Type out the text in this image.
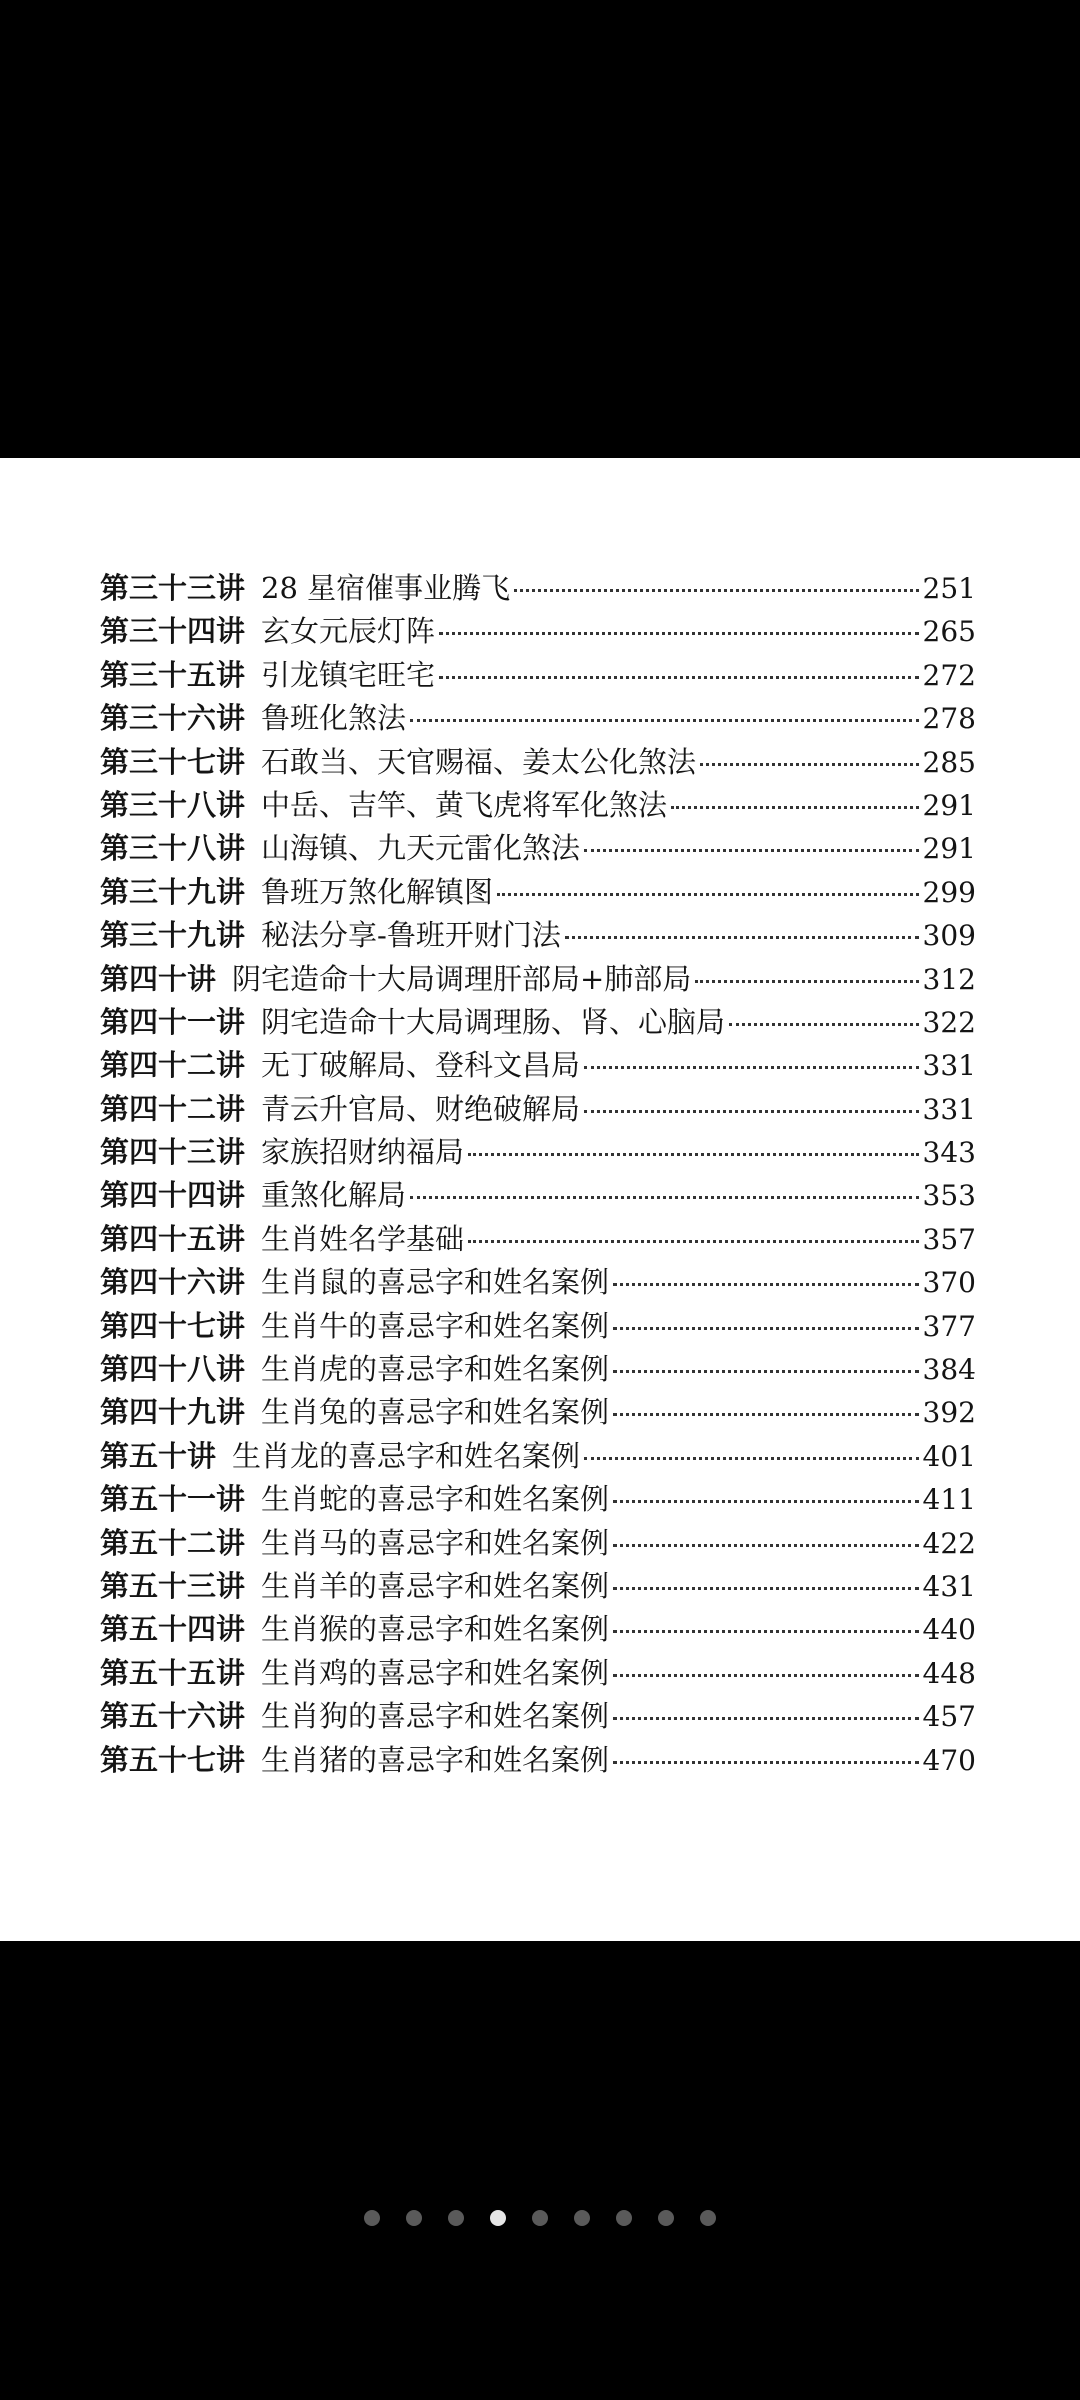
第三十三讲 28 星宿催事业腾飞	251
第三十四讲 玄女元辰灯阵	265
第三十五讲 引龙镇宅旺宅	272
第三十六讲 鲁班化煞法	278
第三十七讲 石敢当、天官赐福、姜太公化煞法	285
第三十八讲 中岳、吉竿、黄飞虎将军化煞法	291
第三十八讲 山海镇、九天元雷化煞法	291
第三十九讲 鲁班万煞化解镇图	299
第三十九讲 秘法分享-鲁班开财门法	309
第四十讲 阴宅造命十大局调理肝部局+肺部局	312
第四十一讲 阴宅造命十大局调理肠、肾、心脑局	322
第四十二讲 无丁破解局、登科文昌局	331
第四十二讲 青云升官局、财绝破解局	331
第四十三讲 家族招财纳福局	343
第四十四讲 重煞化解局	353
第四十五讲 生肖姓名学基础	357
第四十六讲 生肖鼠的喜忌字和姓名案例	370
第四十七讲 生肖牛的喜忌字和姓名案例	377
第四十八讲 生肖虎的喜忌字和姓名案例	384
第四十九讲 生肖兔的喜忌字和姓名案例	392
第五十讲 生肖龙的喜忌字和姓名案例	401
第五十一讲 生肖蛇的喜忌字和姓名案例	411
第五十二讲 生肖马的喜忌字和姓名案例	422
第五十三讲 生肖羊的喜忌字和姓名案例	431
第五十四讲 生肖猴的喜忌字和姓名案例	440
第五十五讲 生肖鸡的喜忌字和姓名案例	448
第五十六讲 生肖狗的喜忌字和姓名案例	457
第五十七讲 生肖猪的喜忌字和姓名案例	470
